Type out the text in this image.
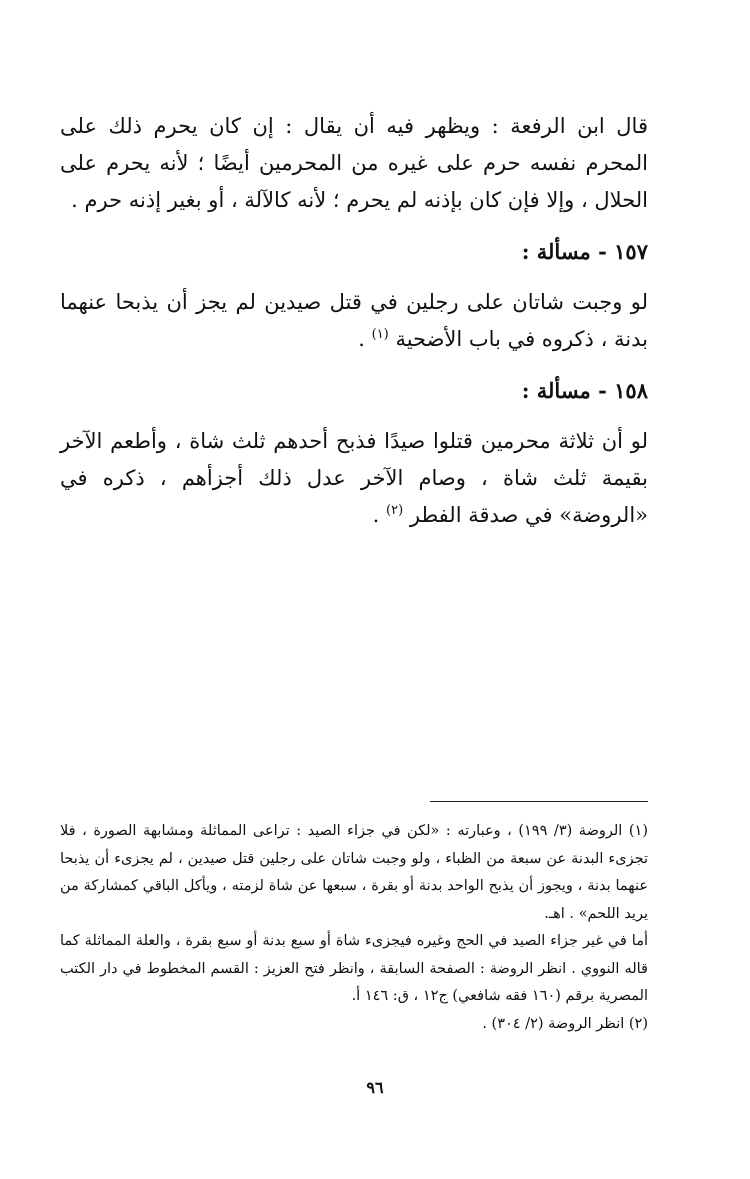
قال ابن الرفعة : ويظهر فيه أن يقال : إن كان يحرم ذلك على المحرم نفسه حرم على غيره من المحرمين أيضًا ؛ لأنه يحرم على الحلال ، وإلا فإن كان بإذنه لم يحرم ؛ لأنه كالآلة ، أو بغير إذنه حرم .

١٥٧ - مسألة :

لو وجبت شاتان على رجلين في قتل صيدين لم يجز أن يذبحا عنهما بدنة ، ذكروه في باب الأضحية $^{(١)}$ .

١٥٨ - مسألة :

لو أن ثلاثة محرمين قتلوا صيدًا فذبح أحدهم ثلث شاة ، وأطعم الآخر بقيمة ثلث شاة ، وصام الآخر عدل ذلك أجزأهم ، ذكره في «الروضة» في صدقة الفطر $^{(٢)}$ .

(١) الروضة (٣/ ١٩٩) ، وعبارته : «لكن في جزاء الصيد : تراعى المماثلة ومشابهة الصورة ، فلا تجزىء البدنة عن سبعة من الظباء ، ولو وجبت شاتان على رجلين قتل صيدين ، لم يجزىء أن يذبحا عنهما بدنة ، ويجوز أن يذبح الواحد بدنة أو بقرة ، سبعها عن شاة لزمته ، ويأكل الباقي كمشاركة من يريد اللحم» . اهـ.

أما في غير جزاء الصيد في الحج وغيره فيجزىء شاة أو سبع بدنة أو سبع بقرة ، والعلة المماثلة كما قاله النووي . انظر الروضة : الصفحة السابقة ، وانظر فتح العزيز : القسم المخطوط في دار الكتب المصرية برقم (١٦٠ فقه شافعي) ج١٢ ، ق: ١٤٦ أ.

(٢) انظر الروضة (٢/ ٣٠٤) .

٩٦
